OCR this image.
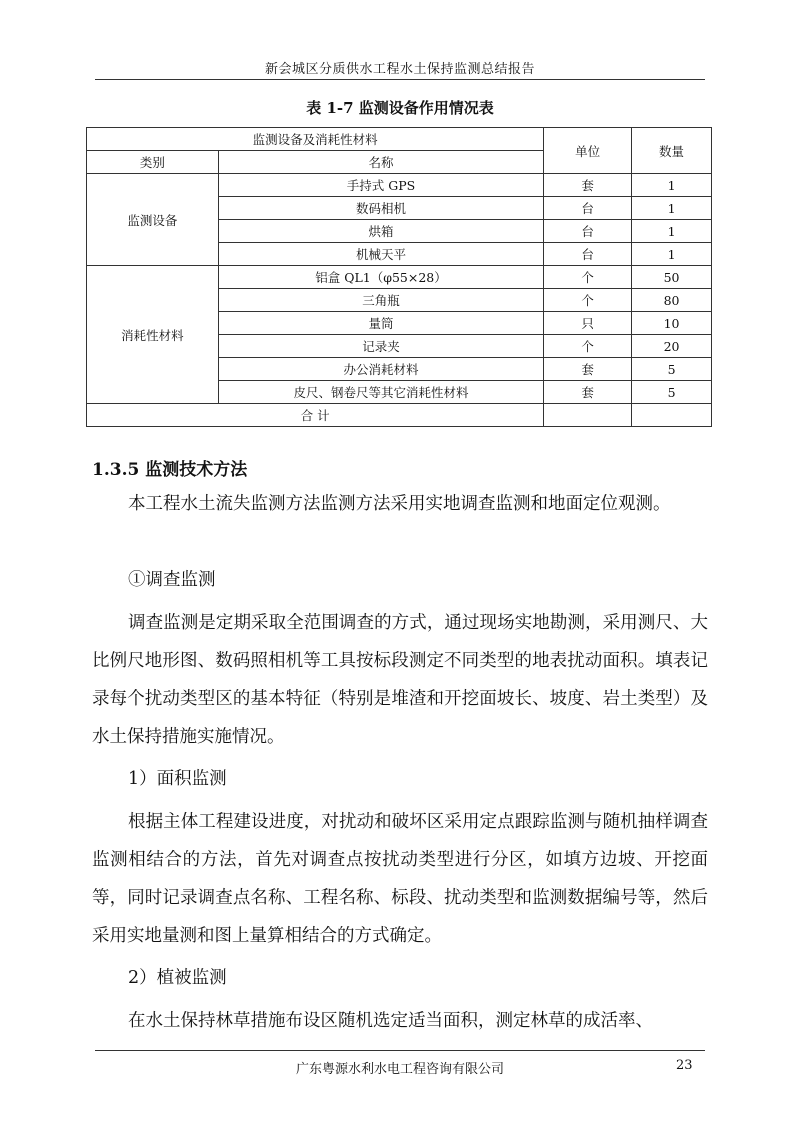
新会城区分质供水工程水土保持监测总结报告
表 1-7 监测设备作用情况表
监测设备及消耗性材料		单位	数量
类别	名称		
监测设备	手持式 GPS	套	1
	数码相机	台	1
	烘箱	台	1
	机械天平	台	1
消耗性材料	铝盒 QL1（φ55×28）	个	50
	三角瓶	个	80
	量筒	只	10
	记录夹	个	20
	办公消耗材料	套	5
	皮尺、钢卷尺等其它消耗性材料	套	5
合 计			
1.3.5 监测技术方法

本工程水土流失监测方法监测方法采用实地调查监测和地面定位观测。

①调查监测

调查监测是定期采取全范围调查的方式，通过现场实地勘测，采用测尺、大比例尺地形图、数码照相机等工具按标段测定不同类型的地表扰动面积。填表记录每个扰动类型区的基本特征（特别是堆渣和开挖面坡长、坡度、岩土类型）及水土保持措施实施情况。

1）面积监测

根据主体工程建设进度，对扰动和破坏区采用定点跟踪监测与随机抽样调查监测相结合的方法，首先对调查点按扰动类型进行分区，如填方边坡、开挖面等，同时记录调查点名称、工程名称、标段、扰动类型和监测数据编号等，然后采用实地量测和图上量算相结合的方式确定。

2）植被监测

在水土保持林草措施布设区随机选定适当面积，测定林草的成活率、

广东粤源水利水电工程咨询有限公司	23
